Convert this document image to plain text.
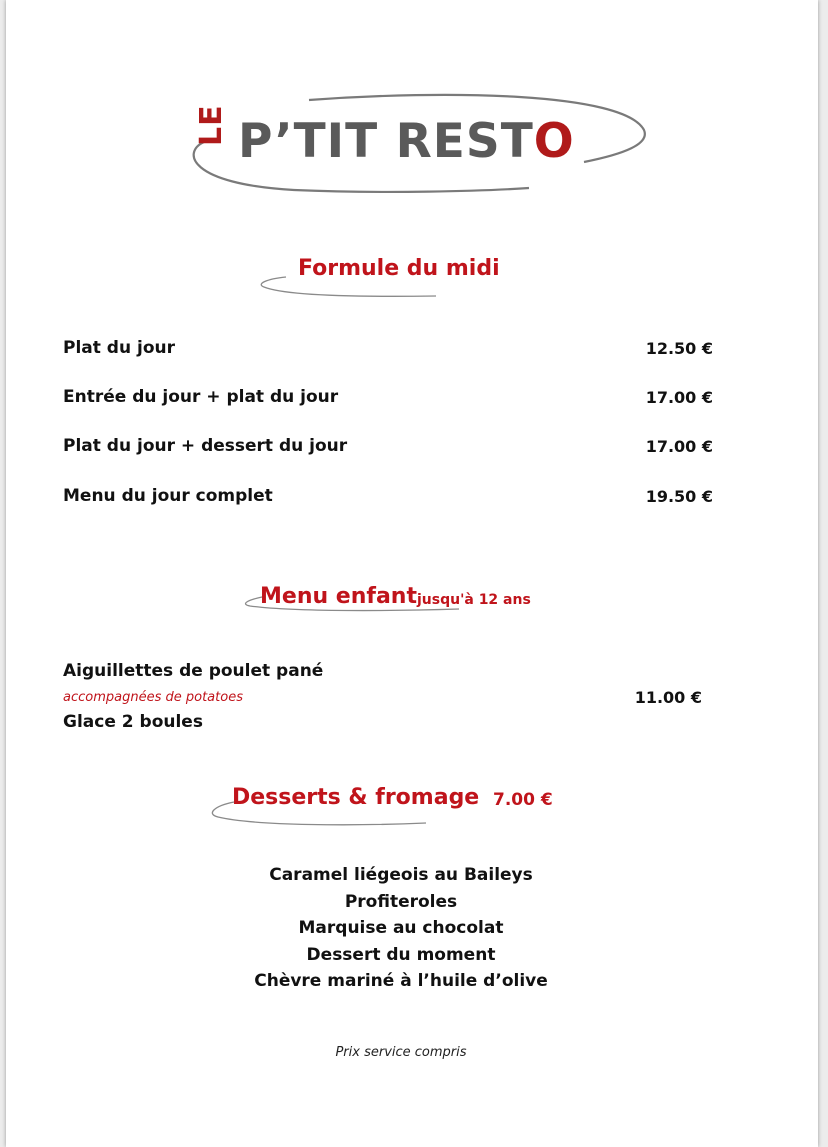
LE P’TIT RESTO
Formule du midi
Plat du jour	12.50 €
Entrée du jour + plat du jour	17.00 €
Plat du jour + dessert du jour	17.00 €
Menu du jour complet	19.50 €
Menu enfant jusqu'à 12 ans
Aiguillettes de poulet pané
accompagnées de potatoes
Glace 2 boules
11.00 €
Desserts & fromage 7.00 €
Caramel liégeois au Baileys
Profiteroles
Marquise au chocolat
Dessert du moment
Chèvre mariné à l’huile d’olive
Prix service compris
